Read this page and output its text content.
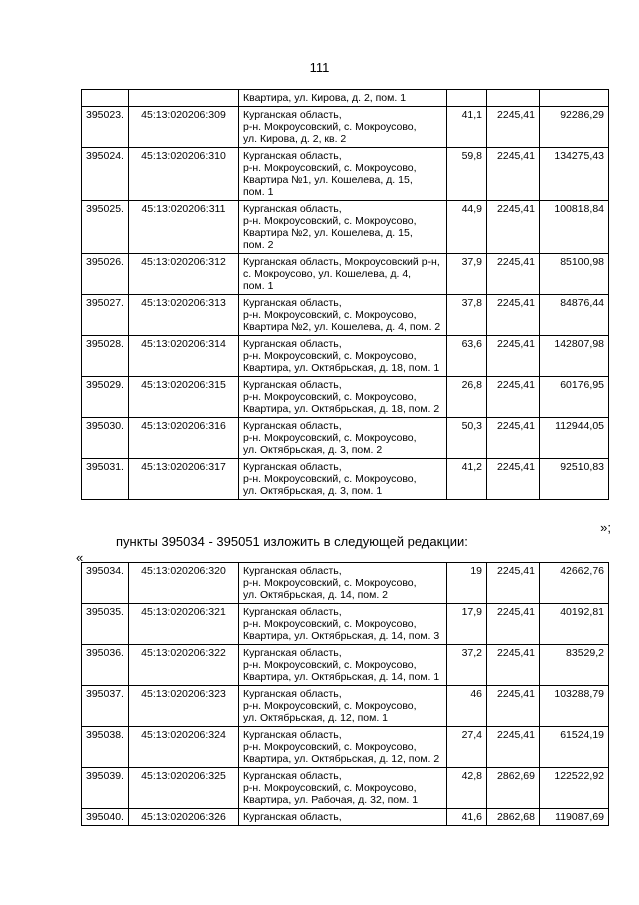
111

		Квартира, ул. Кирова, д. 2, пом. 1			

395023.	45:13:020206:309	Курганская область,
р-н. Мокроусовский, с. Мокроусово,
ул. Кирова, д. 2, кв. 2	41,1	2245,41	92286,29
395024.	45:13:020206:310	Курганская область,
р-н. Мокроусовский, с. Мокроусово,
Квартира №1, ул. Кошелева, д. 15,
пом. 1	59,8	2245,41	134275,43
395025.	45:13:020206:311	Курганская область,
р-н. Мокроусовский, с. Мокроусово,
Квартира №2, ул. Кошелева, д. 15,
пом. 2	44,9	2245,41	100818,84
395026.	45:13:020206:312	Курганская область, Мокроусовский р-н,
с. Мокроусово, ул. Кошелева, д. 4,
пом. 1	37,9	2245,41	85100,98
395027.	45:13:020206:313	Курганская область,
р-н. Мокроусовский, с. Мокроусово,
Квартира №2, ул. Кошелева, д. 4, пом. 2	37,8	2245,41	84876,44
395028.	45:13:020206:314	Курганская область,
р-н. Мокроусовский, с. Мокроусово,
Квартира, ул. Октябрьская, д. 18, пом. 1	63,6	2245,41	142807,98
395029.	45:13:020206:315	Курганская область,
р-н. Мокроусовский, с. Мокроусово,
Квартира, ул. Октябрьская, д. 18, пом. 2	26,8	2245,41	60176,95
395030.	45:13:020206:316	Курганская область,
р-н. Мокроусовский, с. Мокроусово,
ул. Октябрьская, д. 3, пом. 2	50,3	2245,41	112944,05
395031.	45:13:020206:317	Курганская область,
р-н. Мокроусовский, с. Мокроусово,
ул. Октябрьская, д. 3, пом. 1	41,2	2245,41	92510,83
»;
пункты 395034 - 395051 изложить в следующей редакции:
«
395034.	45:13:020206:320	Курганская область,
р-н. Мокроусовский, с. Мокроусово,
ул. Октябрьская, д. 14, пом. 2	19	2245,41	42662,76
395035.	45:13:020206:321	Курганская область,
р-н. Мокроусовский, с. Мокроусово,
Квартира, ул. Октябрьская, д. 14, пом. 3	17,9	2245,41	40192,81
395036.	45:13:020206:322	Курганская область,
р-н. Мокроусовский, с. Мокроусово,
Квартира, ул. Октябрьская, д. 14, пом. 1	37,2	2245,41	83529,2
395037.	45:13:020206:323	Курганская область,
р-н. Мокроусовский, с. Мокроусово,
ул. Октябрьская, д. 12, пом. 1	46	2245,41	103288,79
395038.	45:13:020206:324	Курганская область,
р-н. Мокроусовский, с. Мокроусово,
Квартира, ул. Октябрьская, д. 12, пом. 2	27,4	2245,41	61524,19
395039.	45:13:020206:325	Курганская область,
р-н. Мокроусовский, с. Мокроусово,
Квартира, ул. Рабочая, д. 32, пом. 1	42,8	2862,69	122522,92
395040.	45:13:020206:326	Курганская область,	41,6	2862,68	119087,69
